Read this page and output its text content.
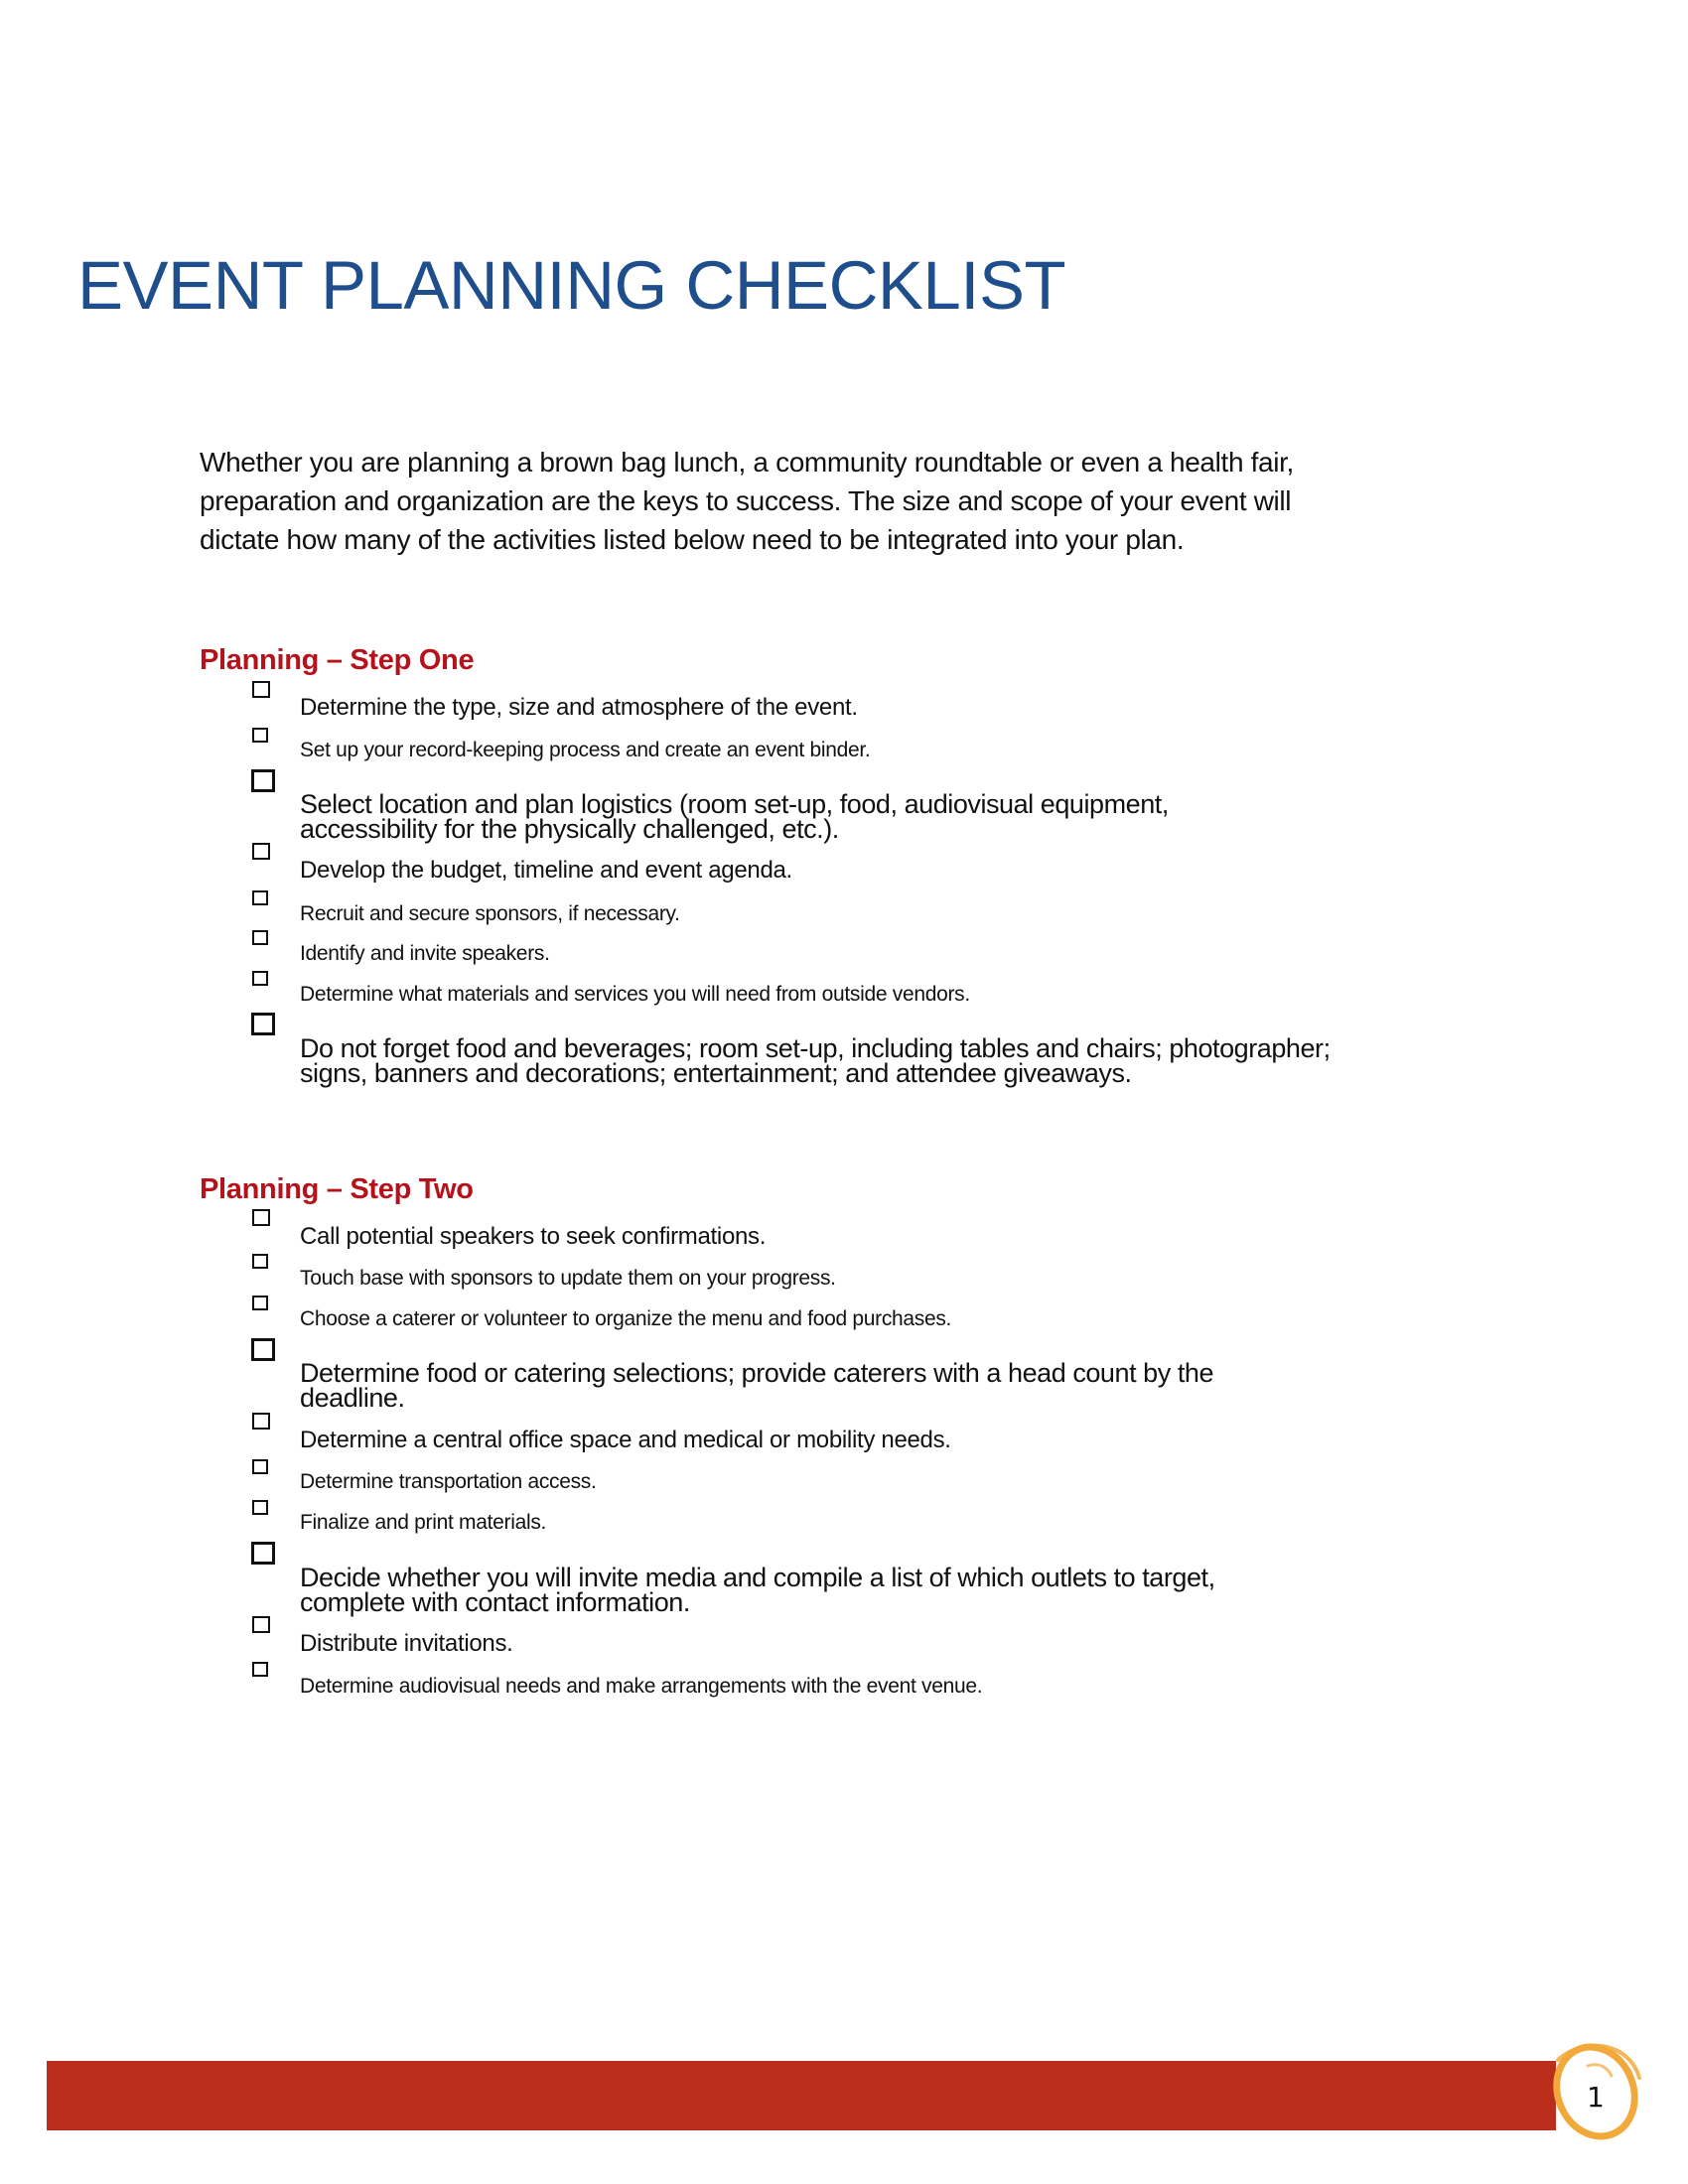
EVENT PLANNING CHECKLIST
Whether you are planning a brown bag lunch, a community roundtable or even a health fair,
preparation and organization are the keys to success. The size and scope of your event will
dictate how many of the activities listed below need to be integrated into your plan.
Planning – Step One
Determine the type, size and atmosphere of the event.
Set up your record-keeping process and create an event binder.
Select location and plan logistics (room set-up, food, audiovisual equipment,
accessibility for the physically challenged, etc.).
Develop the budget, timeline and event agenda.
Recruit and secure sponsors, if necessary.
Identify and invite speakers.
Determine what materials and services you will need from outside vendors.
Do not forget food and beverages; room set-up, including tables and chairs; photographer;
signs, banners and decorations; entertainment; and attendee giveaways.
Planning – Step Two
Call potential speakers to seek confirmations.
Touch base with sponsors to update them on your progress.
Choose a caterer or volunteer to organize the menu and food purchases.
Determine food or catering selections; provide caterers with a head count by the
deadline.
Determine a central office space and medical or mobility needs.
Determine transportation access.
Finalize and print materials.
Decide whether you will invite media and compile a list of which outlets to target,
complete with contact information.
Distribute invitations.
Determine audiovisual needs and make arrangements with the event venue.
1
